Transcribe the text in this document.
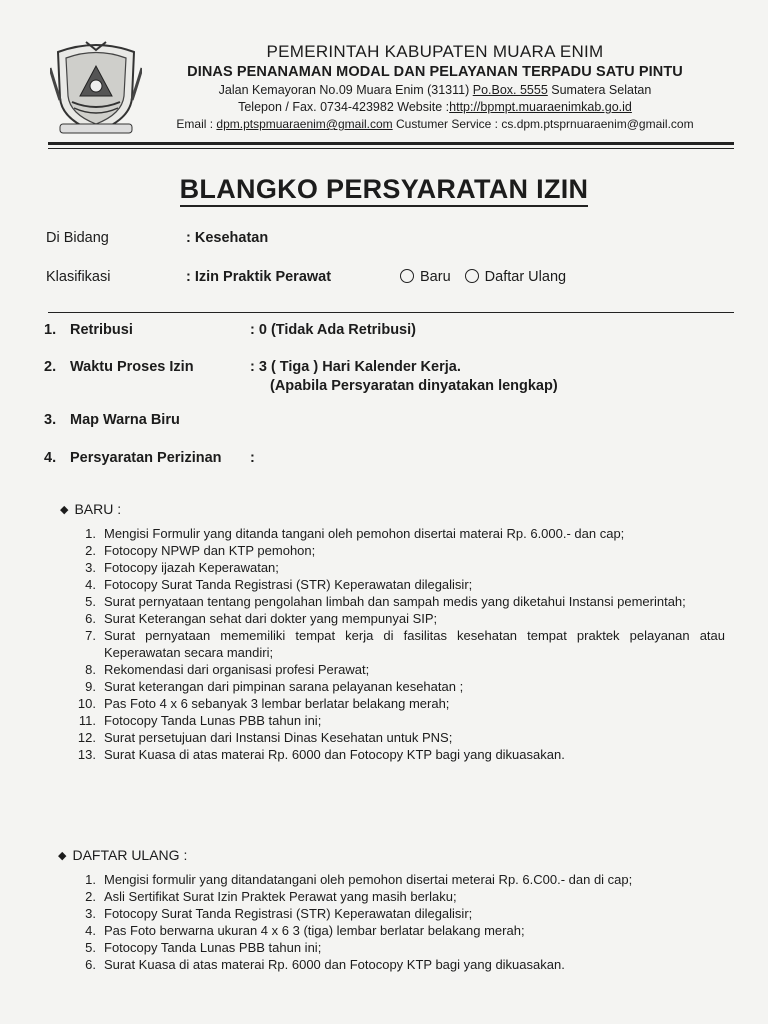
PEMERINTAH KABUPATEN MUARA ENIM
DINAS PENANAMAN MODAL DAN PELAYANAN TERPADU SATU PINTU
Jalan Kemayoran No.09 Muara Enim (31311) Po.Box. 5555 Sumatera Selatan
Telepon / Fax. 0734-423982 Website :http://bpmpt.muaraenimkab.go.id
Email : dpm.ptspmuaraenim@gmail.com Custumer Service : cs.dpm.ptsprnuaraenim@gmail.com
BLANGKO PERSYARATAN IZIN
Di Bidang	: Kesehatan
Klasifikasi	: Izin Praktik Perawat	Baru Daftar Ulang
1. Retribusi	: 0 (Tidak Ada Retribusi)
2. Waktu Proses Izin	: 3 ( Tiga ) Hari Kalender Kerja.
(Apabila Persyaratan dinyatakan lengkap)
3. Map Warna Biru
4. Persyaratan Perizinan :
◆ BARU :
1. Mengisi Formulir yang ditanda tangani oleh pemohon disertai materai Rp. 6.000.- dan cap;
2. Fotocopy NPWP dan KTP pemohon;
3. Fotocopy ijazah Keperawatan;
4. Fotocopy Surat Tanda Registrasi (STR) Keperawatan dilegalisir;
5. Surat pernyataan tentang pengolahan limbah dan sampah medis yang diketahui Instansi pemerintah;
6. Surat Keterangan sehat dari dokter yang mempunyai SIP;
7. Surat pernyataan mememiliki tempat kerja di fasilitas kesehatan tempat praktek pelayanan atau Keperawatan secara mandiri;
8. Rekomendasi dari organisasi profesi Perawat;
9. Surat keterangan dari pimpinan sarana pelayanan kesehatan ;
10. Pas Foto 4 x 6 sebanyak 3 lembar berlatar belakang merah;
11. Fotocopy Tanda Lunas PBB tahun ini;
12. Surat persetujuan dari Instansi Dinas Kesehatan untuk PNS;
13. Surat Kuasa di atas materai Rp. 6000 dan Fotocopy KTP bagi yang dikuasakan.
◆ DAFTAR ULANG :
1. Mengisi formulir yang ditandatangani oleh pemohon disertai meterai Rp. 6.C00.- dan di cap;
2. Asli Sertifikat Surat Izin Praktek Perawat yang masih berlaku;
3. Fotocopy Surat Tanda Registrasi (STR) Keperawatan dilegalisir;
4. Pas Foto berwarna ukuran 4 x 6 3 (tiga) lembar berlatar belakang merah;
5. Fotocopy Tanda Lunas PBB tahun ini;
6. Surat Kuasa di atas materai Rp. 6000 dan Fotocopy KTP bagi yang dikuasakan.
